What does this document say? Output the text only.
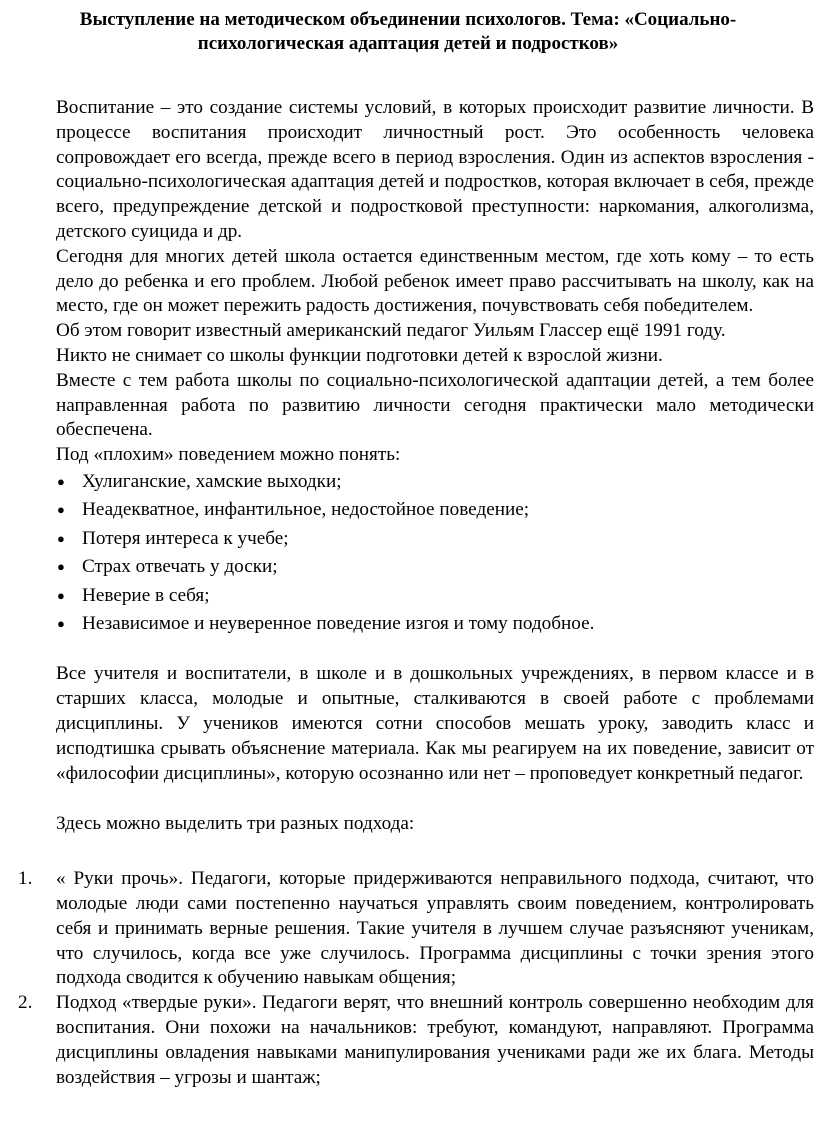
Выступление на методическом объединении психологов. Тема: «Социально-психологическая адаптация детей и подростков»

Воспитание – это создание системы условий, в которых происходит развитие личности. В процессе воспитания происходит личностный рост. Это особенность человека сопровождает его всегда, прежде всего в период взросления. Один из аспектов взросления - социально-психологическая адаптация детей и подростков, которая включает в себя, прежде всего, предупреждение детской и подростковой преступности: наркомания, алкоголизма, детского суицида и др.

Сегодня для многих детей школа остается единственным местом, где хоть кому – то есть дело до ребенка и его проблем. Любой ребенок имеет право рассчитывать на школу, как на место, где он может пережить радость достижения, почувствовать себя победителем.

Об этом говорит известный американский педагог Уильям Глассер ещё 1991 году.

Никто не снимает со школы функции подготовки детей к взрослой жизни.

Вместе с тем работа школы по социально-психологической адаптации детей, а тем более направленная работа по развитию личности сегодня практически мало методически обеспечена.

Под «плохим» поведением можно понять:

● Хулиганские, хамские выходки;
● Неадекватное, инфантильное, недостойное поведение;
● Потеря интереса к учебе;
● Страх отвечать у доски;
● Неверие в себя;
● Независимое и неуверенное поведение изгоя и тому подобное.

Все учителя и воспитатели, в школе и в дошкольных учреждениях, в первом классе и в старших класса, молодые и опытные, сталкиваются в своей работе с проблемами дисциплины. У учеников имеются сотни способов мешать уроку, заводить класс и исподтишка срывать объяснение материала. Как мы реагируем на их поведение, зависит от «философии дисциплины», которую осознанно или нет – проповедует конкретный педагог.

Здесь можно выделить три разных подхода:

1. « Руки прочь». Педагоги, которые придерживаются неправильного подхода, считают, что молодые люди сами постепенно научаться управлять своим поведением, контролировать себя и принимать верные решения. Такие учителя в лучшем случае разъясняют ученикам, что случилось, когда все уже случилось. Программа дисциплины с точки зрения этого подхода сводится к обучению навыкам общения;
2. Подход «твердые руки». Педагоги верят, что внешний контроль совершенно необходим для воспитания. Они похожи на начальников: требуют, командуют, направляют. Программа дисциплины овладения навыками манипулирования учениками ради же их блага. Методы воздействия – угрозы и шантаж;
